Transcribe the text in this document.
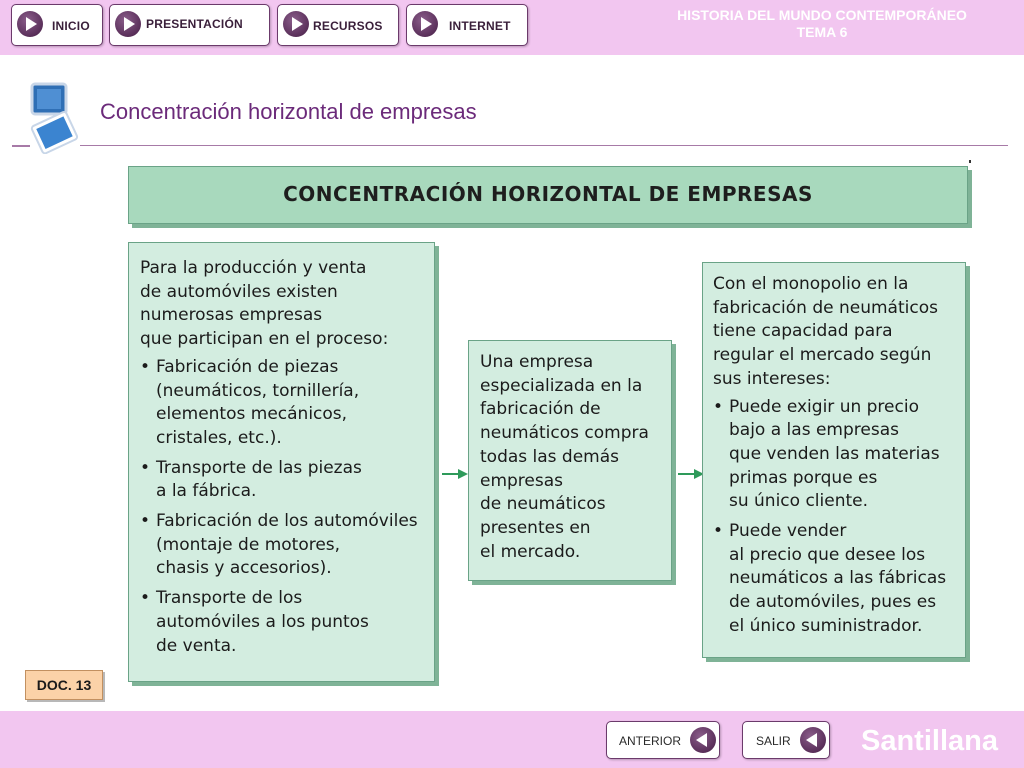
INICIO	PRESENTACIÓN	RECURSOS	INTERNET
HISTORIA DEL MUNDO CONTEMPORÁNEO
TEMA 6
Concentración horizontal de empresas
CONCENTRACIÓN HORIZONTAL DE EMPRESAS
Para la producción y venta
de automóviles existen
numerosas empresas
que participan en el proceso:
• Fabricación de piezas
(neumáticos, tornillería,
elementos mecánicos,
cristales, etc.).
• Transporte de las piezas
a la fábrica.
• Fabricación de los automóviles
(montaje de motores,
chasis y accesorios).
• Transporte de los
automóviles a los puntos
de venta.
Una empresa
especializada en la
fabricación de
neumáticos compra
todas las demás
empresas
de neumáticos
presentes en
el mercado.
Con el monopolio en la
fabricación de neumáticos
tiene capacidad para
regular el mercado según
sus intereses:
• Puede exigir un precio
bajo a las empresas
que venden las materias
primas porque es
su único cliente.
• Puede vender
al precio que desee los
neumáticos a las fábricas
de automóviles, pues es
el único suministrador.
DOC. 13
ANTERIOR	SALIR Santillana
